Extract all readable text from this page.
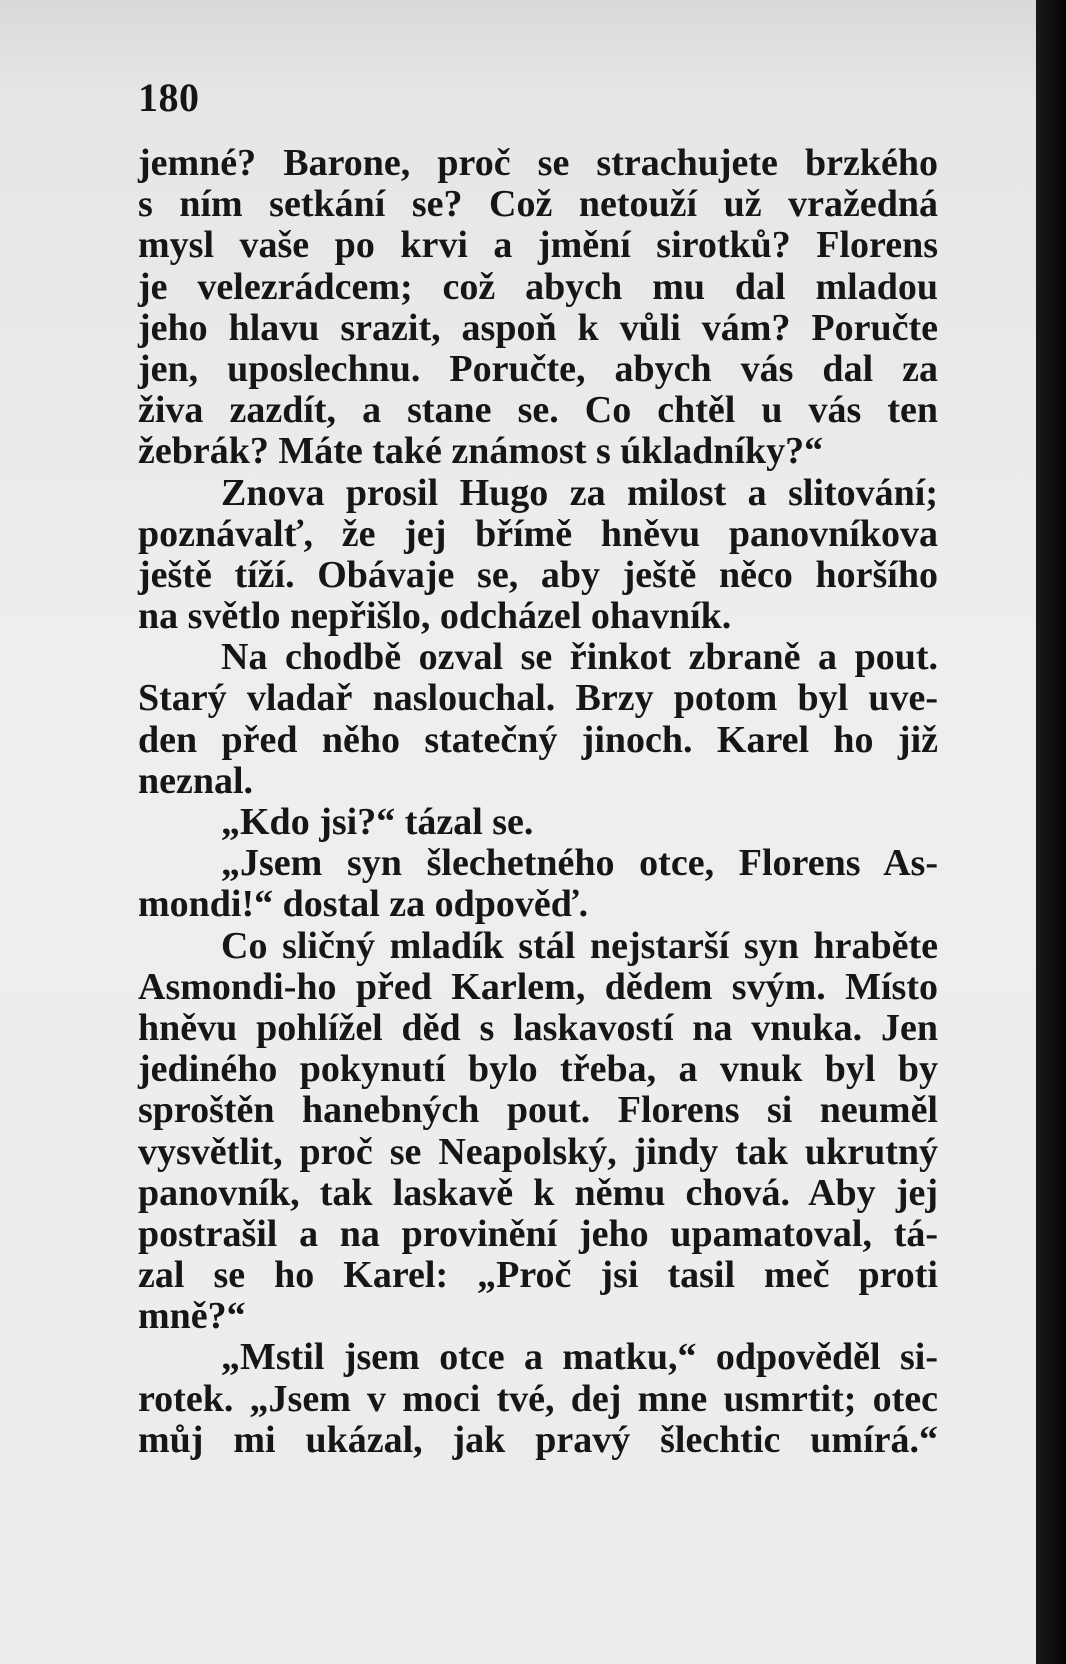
180
jemné? Barone, proč se strachujete brzkého
s ním setkání se? Což netouží už vražedná
mysl vaše po krvi a jmění sirotků? Florens
je velezrádcem; což abych mu dal mladou
jeho hlavu srazit, aspoň k vůli vám? Poručte
jen, uposlechnu. Poručte, abych vás dal za
živa zazdít, a stane se. Co chtěl u vás ten
žebrák? Máte také známost s úkladníky?“
Znova prosil Hugo za milost a slitování;
poznávalť, že jej břímě hněvu panovníkova
ještě tíží. Obávaje se, aby ještě něco horšího
na světlo nepřišlo, odcházel ohavník.
Na chodbě ozval se řinkot zbraně a pout.
Starý vladař naslouchal. Brzy potom byl uve-
den před něho statečný jinoch. Karel ho již
neznal.
„Kdo jsi?“ tázal se.
„Jsem syn šlechetného otce, Florens As-
mondi!“ dostal za odpověď.
Co sličný mladík stál nejstarší syn hraběte
Asmondi-ho před Karlem, dědem svým. Místo
hněvu pohlížel děd s laskavostí na vnuka. Jen
jediného pokynutí bylo třeba, a vnuk byl by
sproštěn hanebných pout. Florens si neuměl
vysvětlit, proč se Neapolský, jindy tak ukrutný
panovník, tak laskavě k němu chová. Aby jej
postrašil a na provinění jeho upamatoval, tá-
zal se ho Karel: „Proč jsi tasil meč proti
mně?“
„Mstil jsem otce a matku,“ odpověděl si-
rotek. „Jsem v moci tvé, dej mne usmrtit; otec
můj mi ukázal, jak pravý šlechtic umírá.“
